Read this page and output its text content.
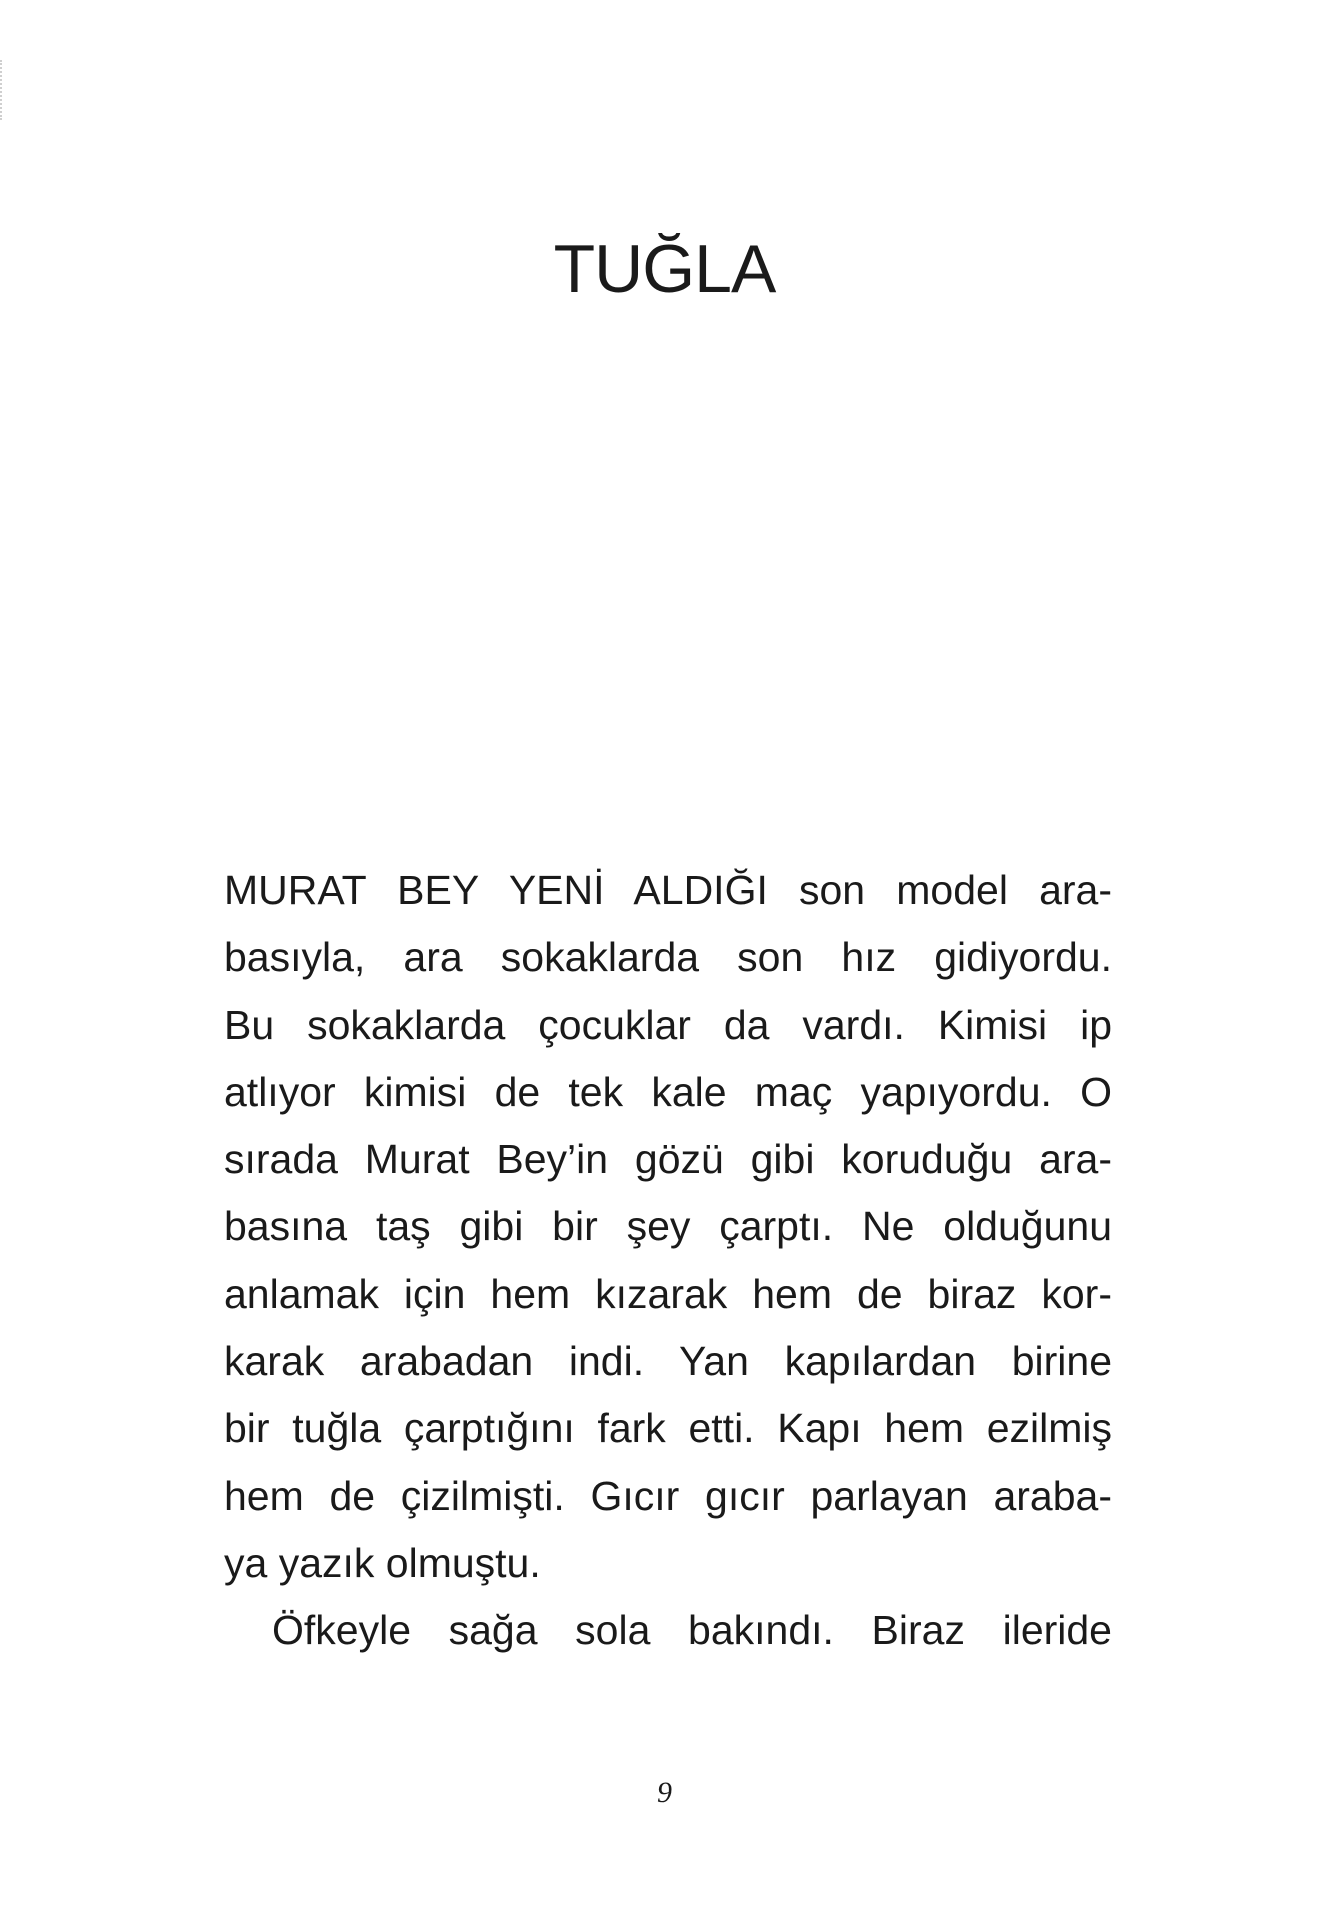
TUĞLA
MURAT BEY YENİ ALDIĞI son model ara-
basıyla, ara sokaklarda son hız gidiyordu.
Bu sokaklarda çocuklar da vardı. Kimisi ip
atlıyor kimisi de tek kale maç yapıyordu. O
sırada Murat Bey’in gözü gibi koruduğu ara-
basına taş gibi bir şey çarptı. Ne olduğunu
anlamak için hem kızarak hem de biraz kor-
karak arabadan indi. Yan kapılardan birine
bir tuğla çarptığını fark etti. Kapı hem ezilmiş
hem de çizilmişti. Gıcır gıcır parlayan araba-
ya yazık olmuştu.
Öfkeyle sağa sola bakındı. Biraz ileride
9
